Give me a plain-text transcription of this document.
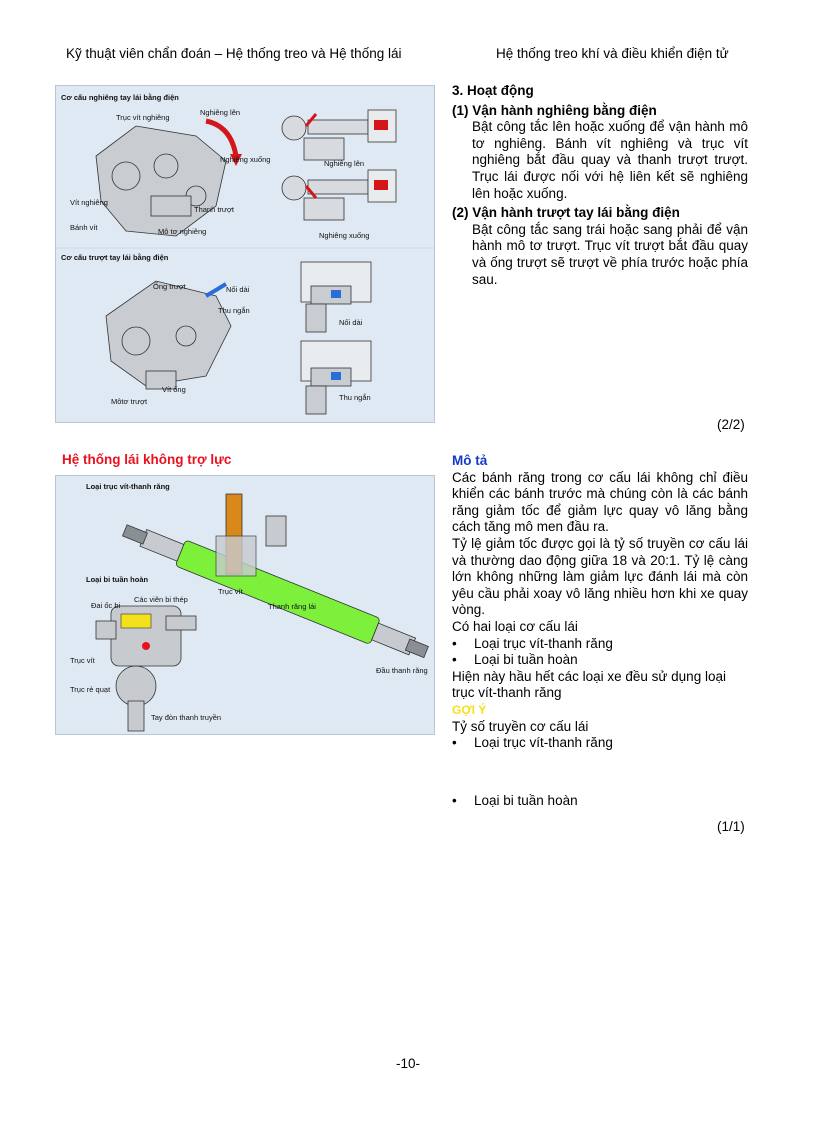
Kỹ thuật viên chẩn đoán – Hệ thống treo và Hệ thống lái	Hệ thống treo khí và điều khiển điện tử
Cơ cấu nghiêng tay lái bằng điện
Trục vít nghiêng
Nghiêng lên
Nghiêng xuống
Vít nghiêng
Bánh vít
Thanh trượt
Mô tơ nghiêng
Nghiêng lên
Nghiêng xuống
Cơ cấu trượt tay lái bằng điện
Ống trượt	Nối dài
Thu ngắn
Nối dài
Vít ống
Môtơ trượt	Thu ngắn
3. Hoạt động
(1) Vận hành nghiêng bằng điện
Bật công tắc lên hoặc xuống để vận hành mô tơ nghiêng. Bánh vít nghiêng và trục vít nghiêng bắt đầu quay và thanh trượt trượt. Trục lái được nối với hệ liên kết sẽ nghiêng lên hoặc xuống.
(2) Vận hành trượt tay lái bằng điện
Bật công tắc sang trái hoặc sang phải để vận hành mô tơ trượt. Trục vít trượt bắt đầu quay và ống trượt sẽ trượt về phía trước hoặc phía sau.
(2/2)
Hệ thống lái không trợ lực
Loại trục vít-thanh răng
Loại bi tuần hoàn
Các viên bi thép
Đai ốc bi
Trục vít
Thanh răng lái
Trục vít
Đầu thanh răng
Trục rẻ quạt
Tay đòn thanh truyền
Mô tả
Các bánh răng trong cơ cấu lái không chỉ điều khiển các bánh trước mà chúng còn là các bánh răng giảm tốc để giảm lực quay vô lăng bằng cách tăng mô men đầu ra.
Tỷ lệ giảm tốc được gọi là tỷ số truyền cơ cấu lái và thường dao động giữa 18 và 20:1. Tỷ lệ càng lớn không những làm giảm lực đánh lái mà còn yêu cầu phải xoay vô lăng nhiều hơn khi xe quay vòng.
Có hai loại cơ cấu lái
• Loại trục vít-thanh răng
• Loại bi tuần hoàn
Hiện này hầu hết các loại xe đều sử dụng loại trục vít-thanh răng
GỢI Ý
Tỷ số truyền cơ cấu lái
• Loại trục vít-thanh răng
• Loại bi tuần hoàn
(1/1)
-10-
